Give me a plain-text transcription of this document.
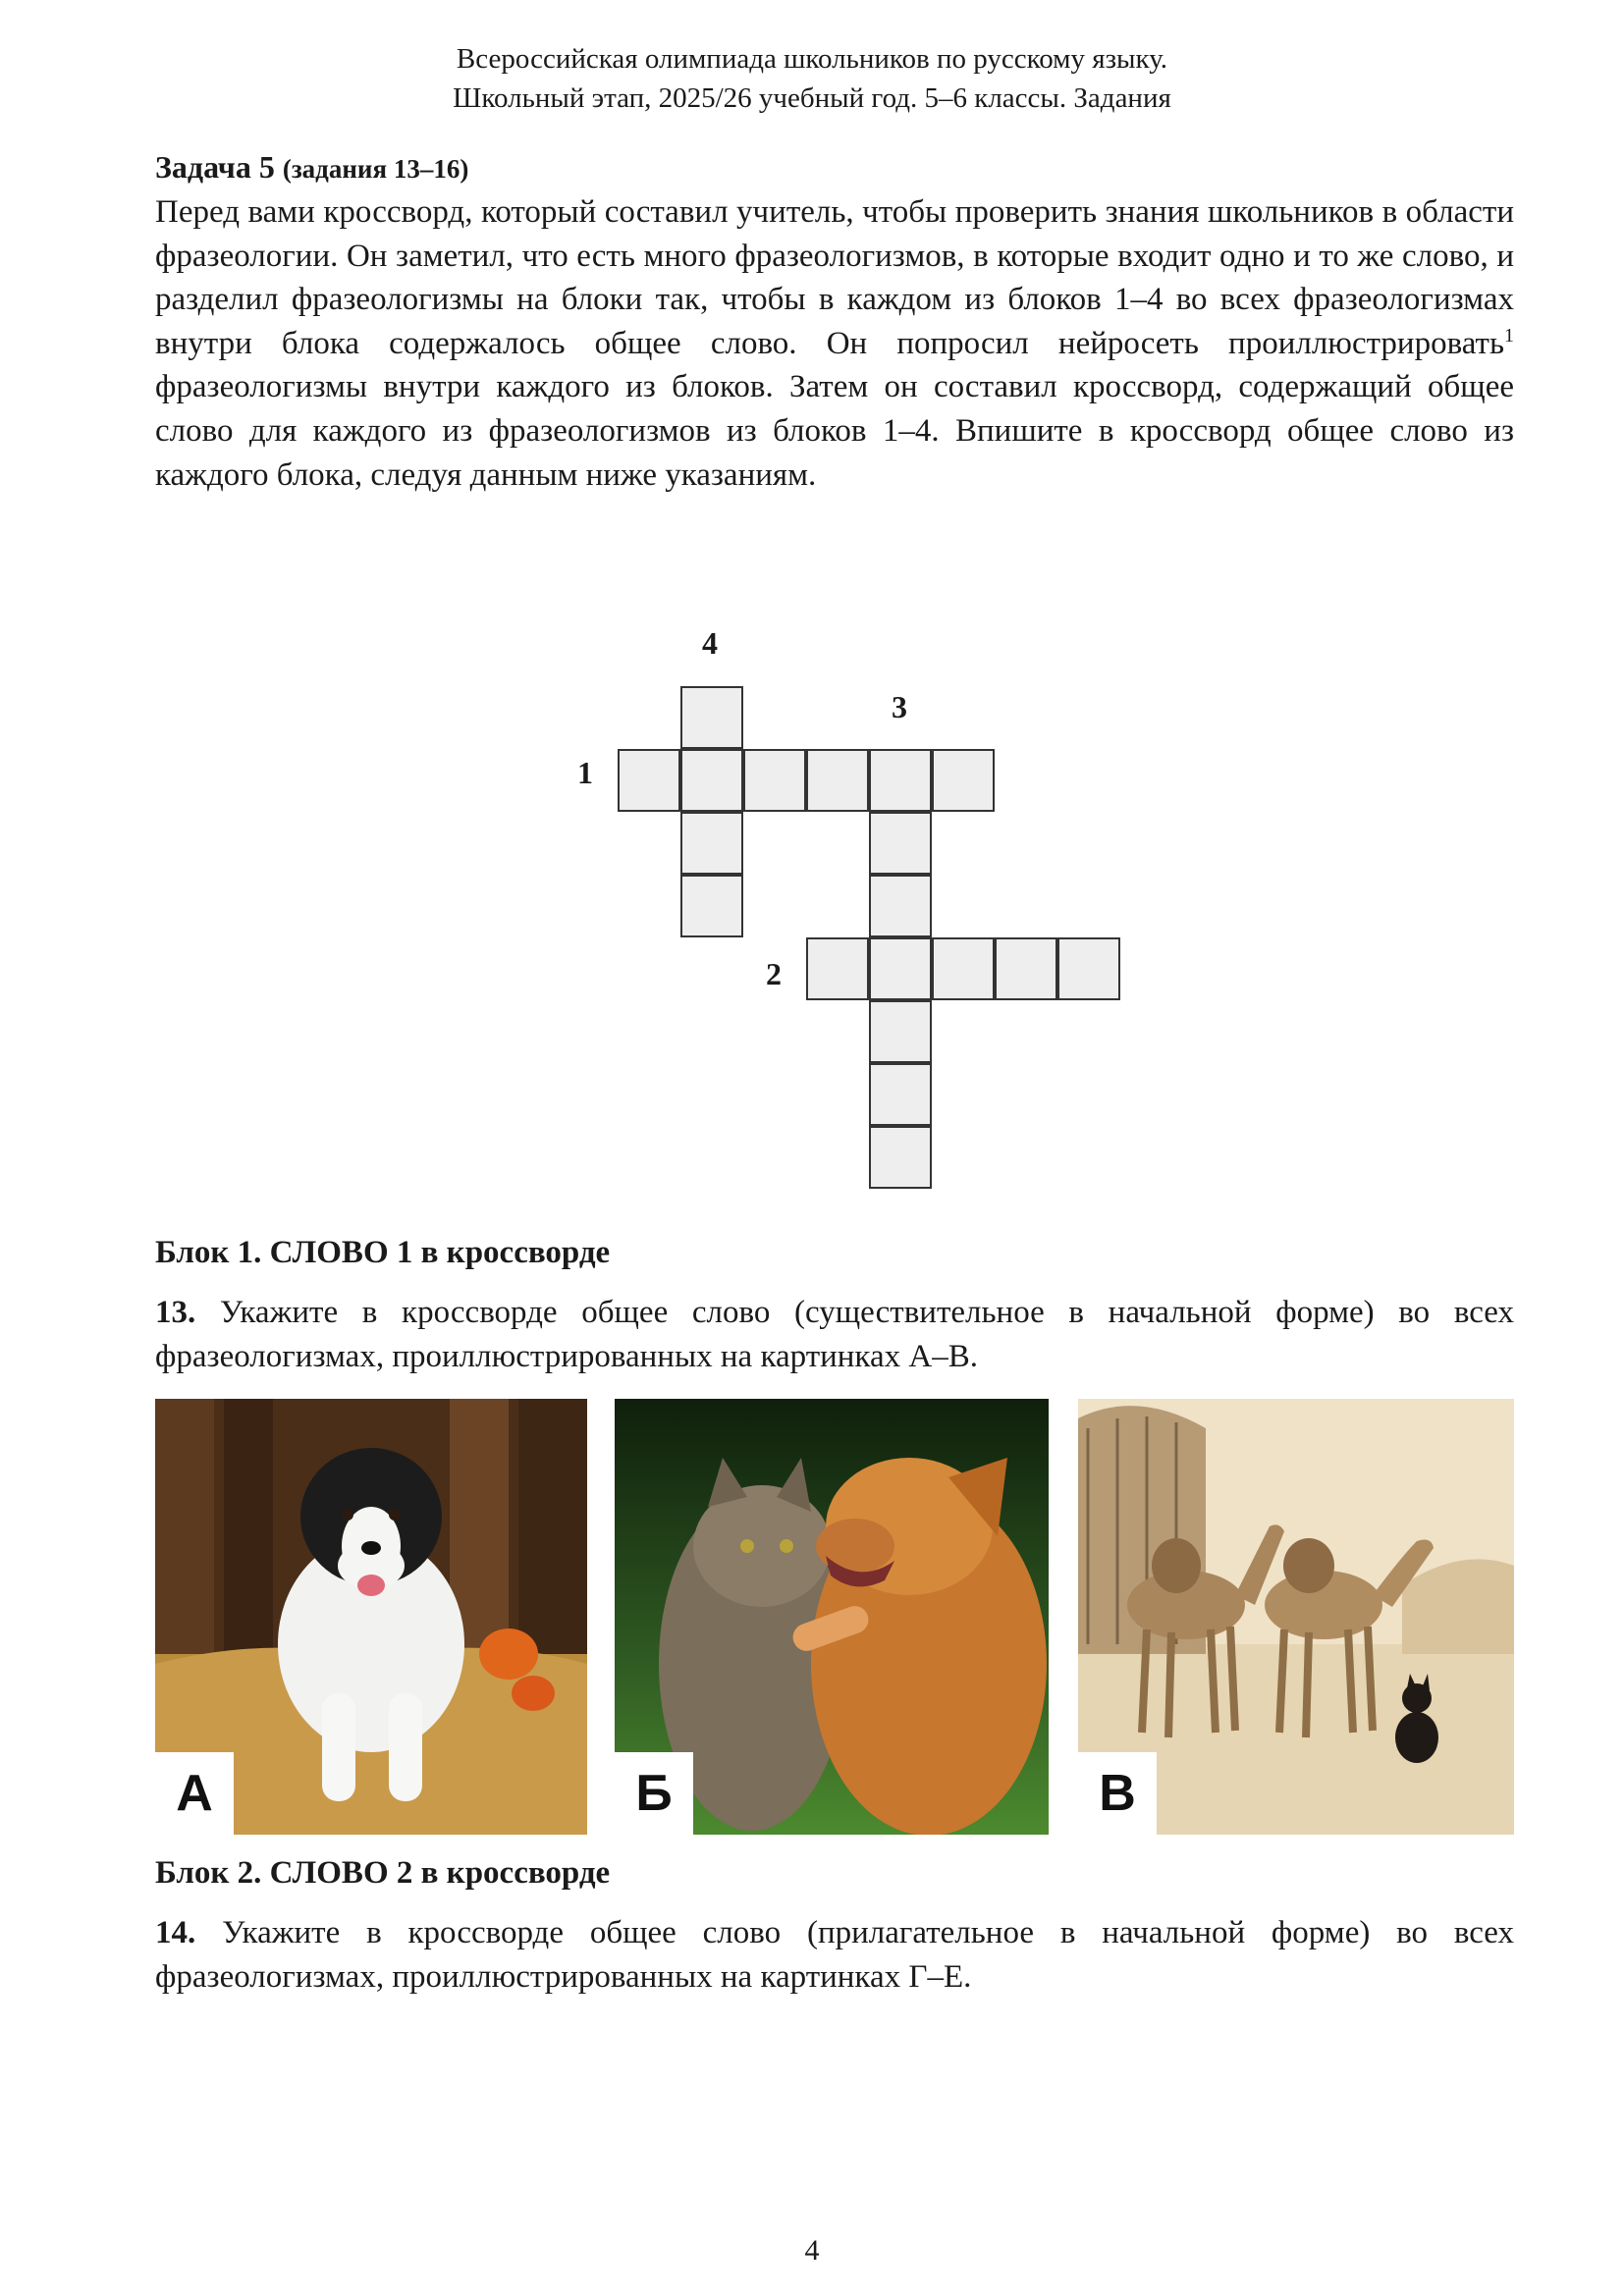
Всероссийская олимпиада школьников по русскому языку.
Школьный этап, 2025/26 учебный год. 5–6 классы. Задания
Задача 5 (задания 13–16)
Перед вами кроссворд, который составил учитель, чтобы проверить знания школьников в области фразеологии. Он заметил, что есть много фразеологизмов, в которые входит одно и то же слово, и разделил фразеологизмы на блоки так, чтобы в каждом из блоков 1–4 во всех фразеологизмах внутри блока содержалось общее слово. Он попросил нейросеть проиллюстрировать$^1$ фразеологизмы внутри каждого из блоков. Затем он составил кроссворд, содержащий общее слово для каждого из фразеологизмов из блоков 1–4. Впишите в кроссворд общее слово из каждого блока, следуя данным ниже указаниям.
4
3
1
2
Блок 1. СЛОВО 1 в кроссворде
13. Укажите в кроссворде общее слово (существительное в начальной форме) во всех фразеологизмах, проиллюстрированных на картинках А–В.
А	Б	В
Блок 2. СЛОВО 2 в кроссворде
14. Укажите в кроссворде общее слово (прилагательное в начальной форме) во всех фразеологизмах, проиллюстрированных на картинках Г–Е.
4
